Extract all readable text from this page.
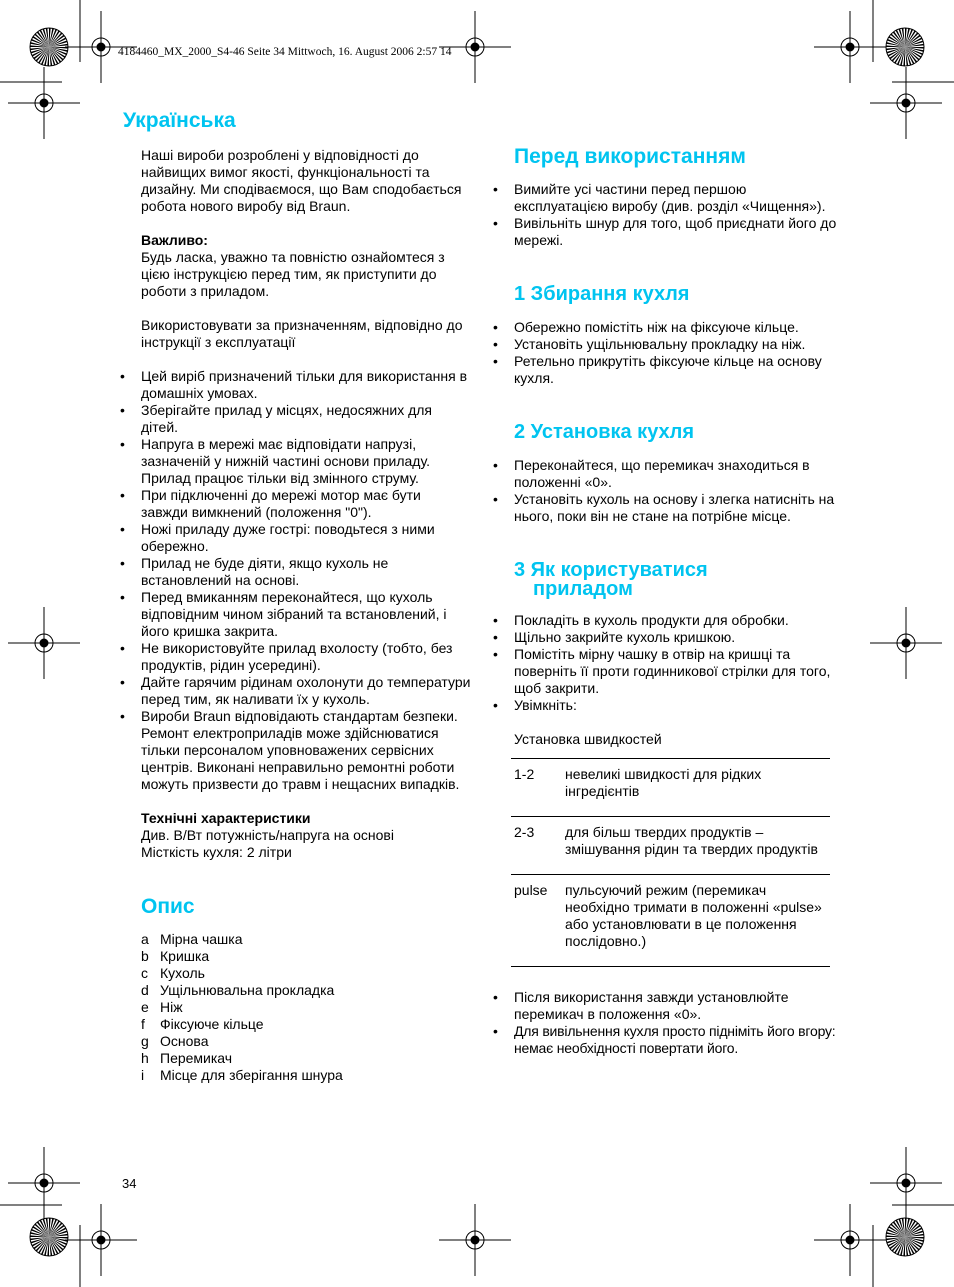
4184460_MX_2000_S4-46 Seite 34 Mittwoch, 16. August 2006 2:57 14
Українська

Наші вироби розроблені у відповідності до найвищих вимог якості, функціональності та дизайну. Ми сподіваємося, що Вам сподобається робота нового виробу від Braun.

Важливо:

Будь ласка, уважно та повністю ознайомтеся з цією інструкцією перед тим, як приступити до роботи з приладом.

Використовувати за призначенням, відповідно до інструкції з експлуатації

• Цей виріб призначений тільки для використання в домашніх умовах.
• Зберігайте прилад у місцях, недосяжних для дітей.
• Напруга в мережі має відповідати напрузі, зазначеній у нижній частині основи приладу. Прилад працює тільки від змінного струму.
• При підключенні до мережі мотор має бути завжди вимкнений (положення "0").
• Ножі приладу дуже гострі: поводьтеся з ними обережно.
• Прилад не буде діяти, якщо кухоль не встановлений на основі.
• Перед вмиканням переконайтеся, що кухоль відповідним чином зібраний та встановлений, і його кришка закрита.
• Не використовуйте прилад вхолосту (тобто, без продуктів, рідин усередині).
• Дайте гарячим рідинам охолонути до температури перед тим, як наливати їх у кухоль.
• Вироби Braun відповідають стандартам безпеки. Ремонт електроприладів може здійснюватися тільки персоналом уповноважених сервісних центрів. Виконані неправильно ремонтні роботи можуть призвести до травм і нещасних випадків.

Технічні характеристики

Див. В/Вт потужність/напруга на основі

Місткість кухля: 2 літри

Опис
a Мірна чашка
b Кришка
c Кухоль
d Ущільнювальна прокладка
e Ніж
f	Фіксуюче кільце
g Основа
h Перемикач
i	Місце для зберігання шнура
Перед використанням
• Вимийте усі частини перед першою експлуатацією виробу (див. розділ «Чищення»).
• Вивільніть шнур для того, щоб приєднати його до мережі.
1 Збирання кухля
• Обережно помістіть ніж на фіксуюче кільце.
• Установіть ущільнювальну прокладку на ніж.
• Ретельно прикрутіть фіксуюче кільце на основу кухля.
2 Установка кухля
• Переконайтеся, що перемикач знаходиться в положенні «0».
• Установіть кухоль на основу і злегка натисніть на нього, поки він не стане на потрібне місце.
3 Як користуватися
приладом
• Покладіть в кухоль продукти для обробки.
• Щільно закрийте кухоль кришкою.
• Помістіть мірну чашку в отвір на кришці та поверніть її проти годинникової стрілки для того, щоб закрити.
• Увімкніть:

Установка швидкостей

1-2	невеликі швидкості для рідких інгредієнтів
2-3	для більш твердих продуктів – змішування рідин та твердих продуктів
pulse	пульсуючий режим (перемикач необхідно тримати в положенні «pulse» або установлювати в це положення послідовно.)
• Після використання завжди установлюйте перемикач в положення «0».
• Для вивільнення кухля просто підніміть його вгору: немає необхідності повертати його.
34
